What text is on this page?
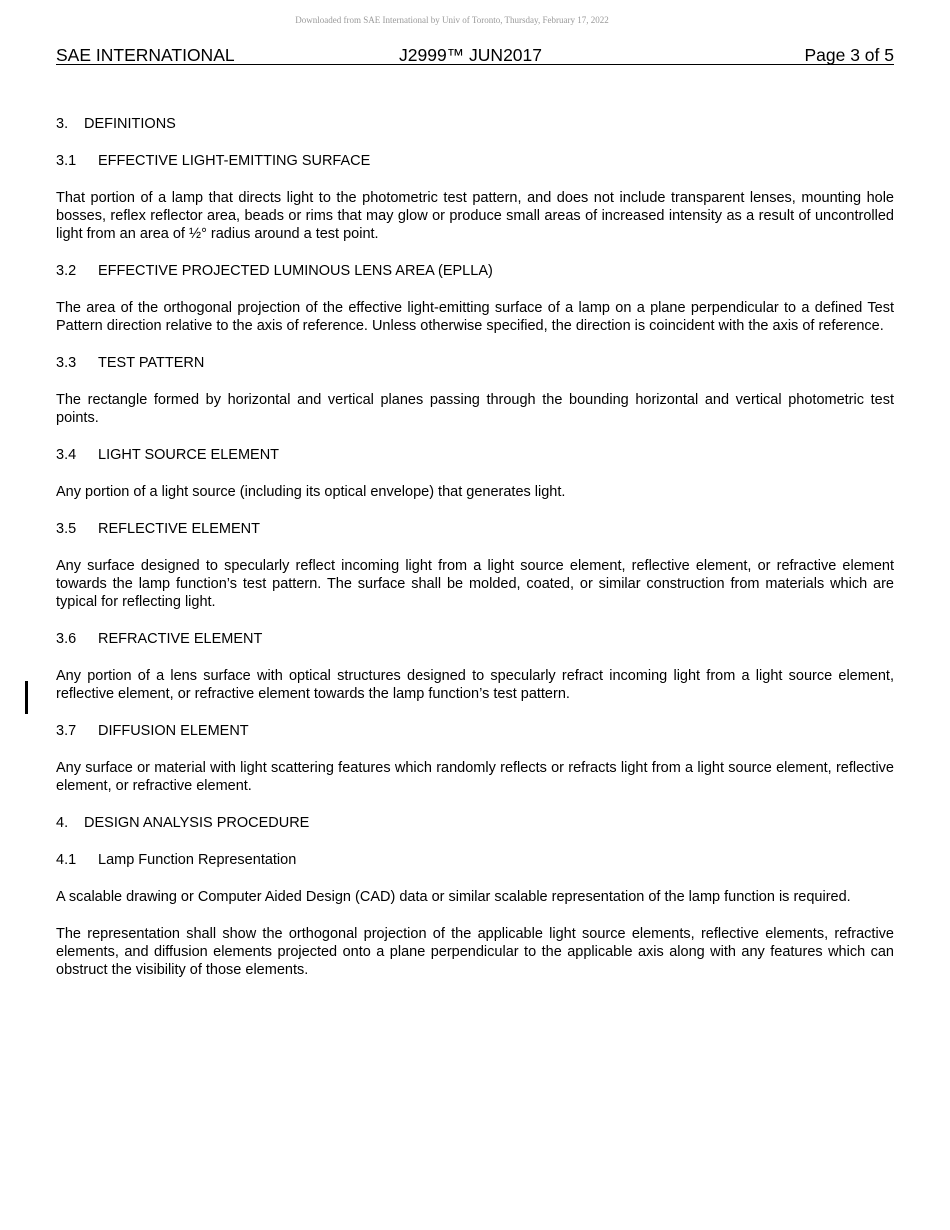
Downloaded from SAE International by Univ of Toronto, Thursday, February 17, 2022
SAE INTERNATIONAL	J2999™ JUN2017	Page 3 of 5
3. DEFINITIONS
3.1 EFFECTIVE LIGHT-EMITTING SURFACE

That portion of a lamp that directs light to the photometric test pattern, and does not include transparent lenses, mounting hole bosses, reflex reflector area, beads or rims that may glow or produce small areas of increased intensity as a result of uncontrolled light from an area of ½° radius around a test point.

3.2 EFFECTIVE PROJECTED LUMINOUS LENS AREA (EPLLA)

The area of the orthogonal projection of the effective light-emitting surface of a lamp on a plane perpendicular to a defined Test Pattern direction relative to the axis of reference. Unless otherwise specified, the direction is coincident with the axis of reference.

3.3 TEST PATTERN

The rectangle formed by horizontal and vertical planes passing through the bounding horizontal and vertical photometric test points.

3.4 LIGHT SOURCE ELEMENT

Any portion of a light source (including its optical envelope) that generates light.

3.5 REFLECTIVE ELEMENT

Any surface designed to specularly reflect incoming light from a light source element, reflective element, or refractive element towards the lamp function’s test pattern. The surface shall be molded, coated, or similar construction from materials which are typical for reflecting light.

3.6 REFRACTIVE ELEMENT

Any portion of a lens surface with optical structures designed to specularly refract incoming light from a light source element, reflective element, or refractive element towards the lamp function’s test pattern.

3.7 DIFFUSION ELEMENT

Any surface or material with light scattering features which randomly reflects or refracts light from a light source element, reflective element, or refractive element.

4. DESIGN ANALYSIS PROCEDURE
4.1 Lamp Function Representation

A scalable drawing or Computer Aided Design (CAD) data or similar scalable representation of the lamp function is required.

The representation shall show the orthogonal projection of the applicable light source elements, reflective elements, refractive elements, and diffusion elements projected onto a plane perpendicular to the applicable axis along with any features which can obstruct the visibility of those elements.
